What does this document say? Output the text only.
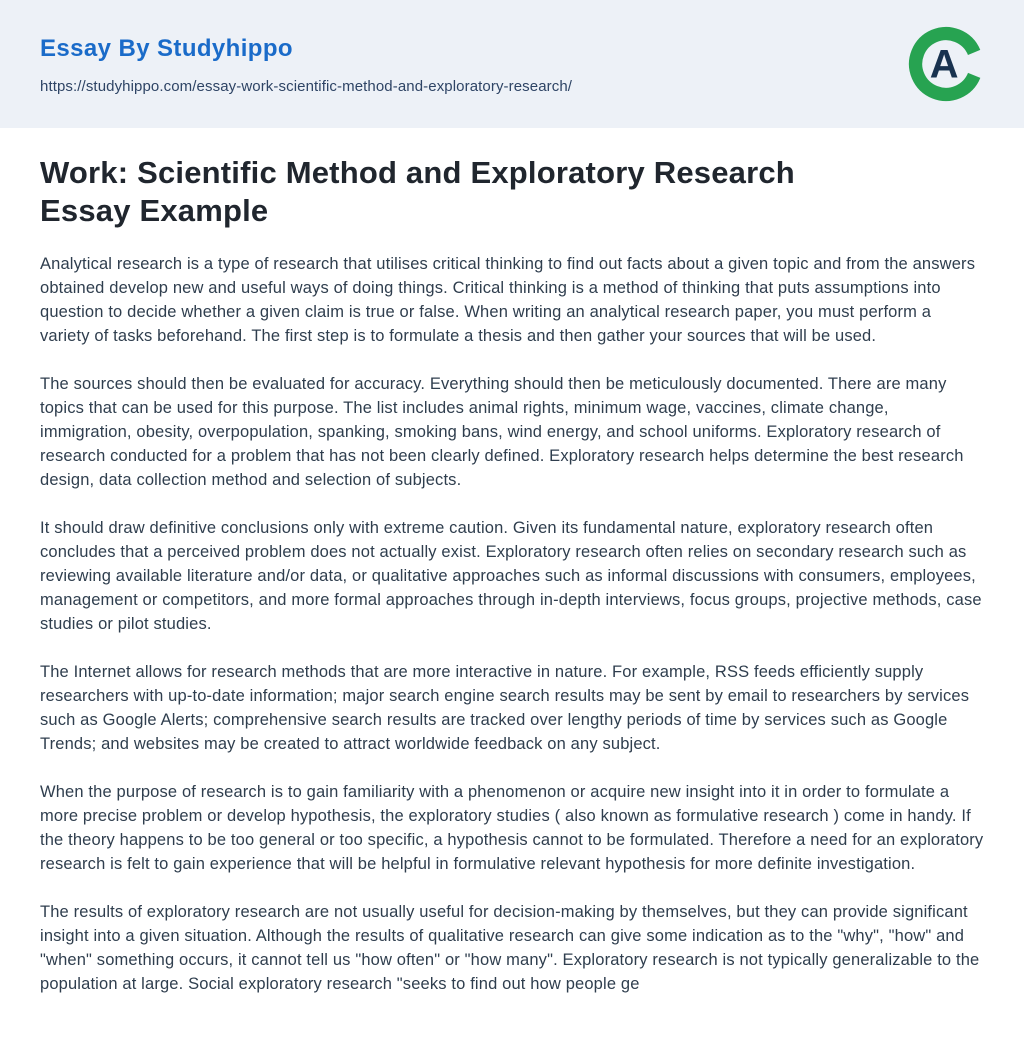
Essay By Studyhippo
https://studyhippo.com/essay-work-scientific-method-and-exploratory-research/
A
Work: Scientific Method and Exploratory Research Essay Example

Analytical research is a type of research that utilises critical thinking to find out facts about a given topic and from the answers obtained develop new and useful ways of doing things. Critical thinking is a method of thinking that puts assumptions into question to decide whether a given claim is true or false. When writing an analytical research paper, you must perform a variety of tasks beforehand. The first step is to formulate a thesis and then gather your sources that will be used.

The sources should then be evaluated for accuracy. Everything should then be meticulously documented. There are many topics that can be used for this purpose. The list includes animal rights, minimum wage, vaccines, climate change, immigration, obesity, overpopulation, spanking, smoking bans, wind energy, and school uniforms. Exploratory research of research conducted for a problem that has not been clearly defined. Exploratory research helps determine the best research design, data collection method and selection of subjects.

It should draw definitive conclusions only with extreme caution. Given its fundamental nature, exploratory research often concludes that a perceived problem does not actually exist. Exploratory research often relies on secondary research such as reviewing available literature and/or data, or qualitative approaches such as informal discussions with consumers, employees, management or competitors, and more formal approaches through in-depth interviews, focus groups, projective methods, case studies or pilot studies.

The Internet allows for research methods that are more interactive in nature. For example, RSS feeds efficiently supply researchers with up-to-date information; major search engine search results may be sent by email to researchers by services such as Google Alerts; comprehensive search results are tracked over lengthy periods of time by services such as Google Trends; and websites may be created to attract worldwide feedback on any subject.

When the purpose of research is to gain familiarity with a phenomenon or acquire new insight into it in order to formulate a more precise problem or develop hypothesis, the exploratory studies ( also known as formulative research ) come in handy. If the theory happens to be too general or too specific, a hypothesis cannot to be formulated. Therefore a need for an exploratory research is felt to gain experience that will be helpful in formulative relevant hypothesis for more definite investigation.

The results of exploratory research are not usually useful for decision-making by themselves, but they can provide significant insight into a given situation. Although the results of qualitative research can give some indication as to the "why", "how" and "when" something occurs, it cannot tell us "how often" or "how many". Exploratory research is not typically generalizable to the population at large. Social exploratory research "seeks to find out how people ge
